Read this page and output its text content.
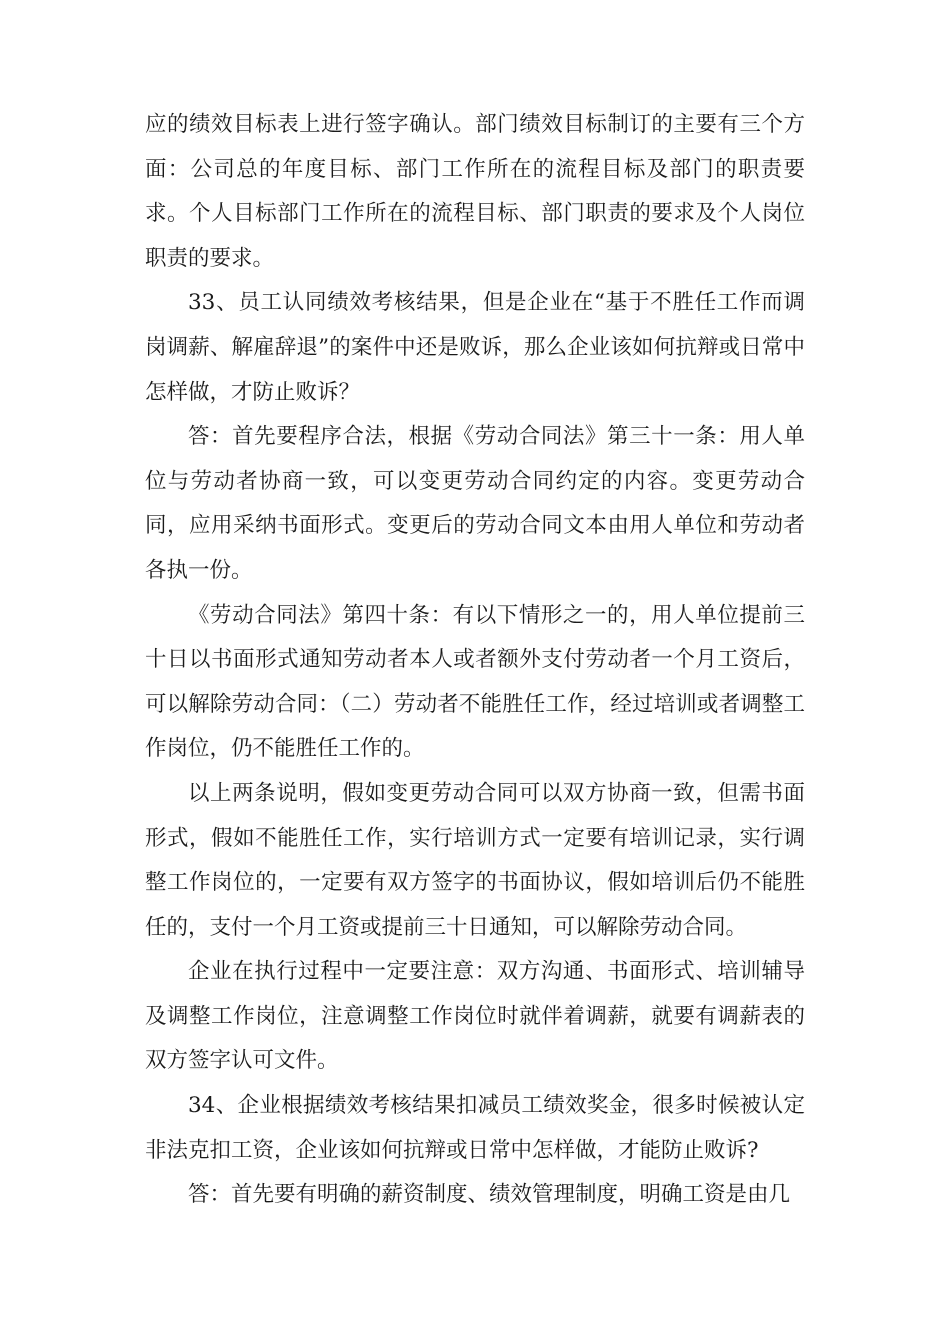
应的绩效目标表上进行签字确认。部门绩效目标制订的主要有三个方面：公司总的年度目标、部门工作所在的流程目标及部门的职责要求。个人目标部门工作所在的流程目标、部门职责的要求及个人岗位职责的要求。

33、员工认同绩效考核结果，但是企业在“基于不胜任工作而调岗调薪、解雇辞退”的案件中还是败诉，那么企业该如何抗辩或日常中怎样做，才防止败诉？

答：首先要程序合法，根据《劳动合同法》第三十一条：用人单位与劳动者协商一致，可以变更劳动合同约定的内容。变更劳动合同，应用采纳书面形式。变更后的劳动合同文本由用人单位和劳动者各执一份。

《劳动合同法》第四十条：有以下情形之一的，用人单位提前三十日以书面形式通知劳动者本人或者额外支付劳动者一个月工资后，可以解除劳动合同：（二）劳动者不能胜任工作，经过培训或者调整工作岗位，仍不能胜任工作的。

以上两条说明，假如变更劳动合同可以双方协商一致，但需书面形式，假如不能胜任工作，实行培训方式一定要有培训记录，实行调整工作岗位的，一定要有双方签字的书面协议，假如培训后仍不能胜任的，支付一个月工资或提前三十日通知，可以解除劳动合同。

企业在执行过程中一定要注意：双方沟通、书面形式、培训辅导及调整工作岗位，注意调整工作岗位时就伴着调薪，就要有调薪表的双方签字认可文件。

34、企业根据绩效考核结果扣减员工绩效奖金，很多时候被认定非法克扣工资，企业该如何抗辩或日常中怎样做，才能防止败诉?

答：首先要有明确的薪资制度、绩效管理制度，明确工资是由几
